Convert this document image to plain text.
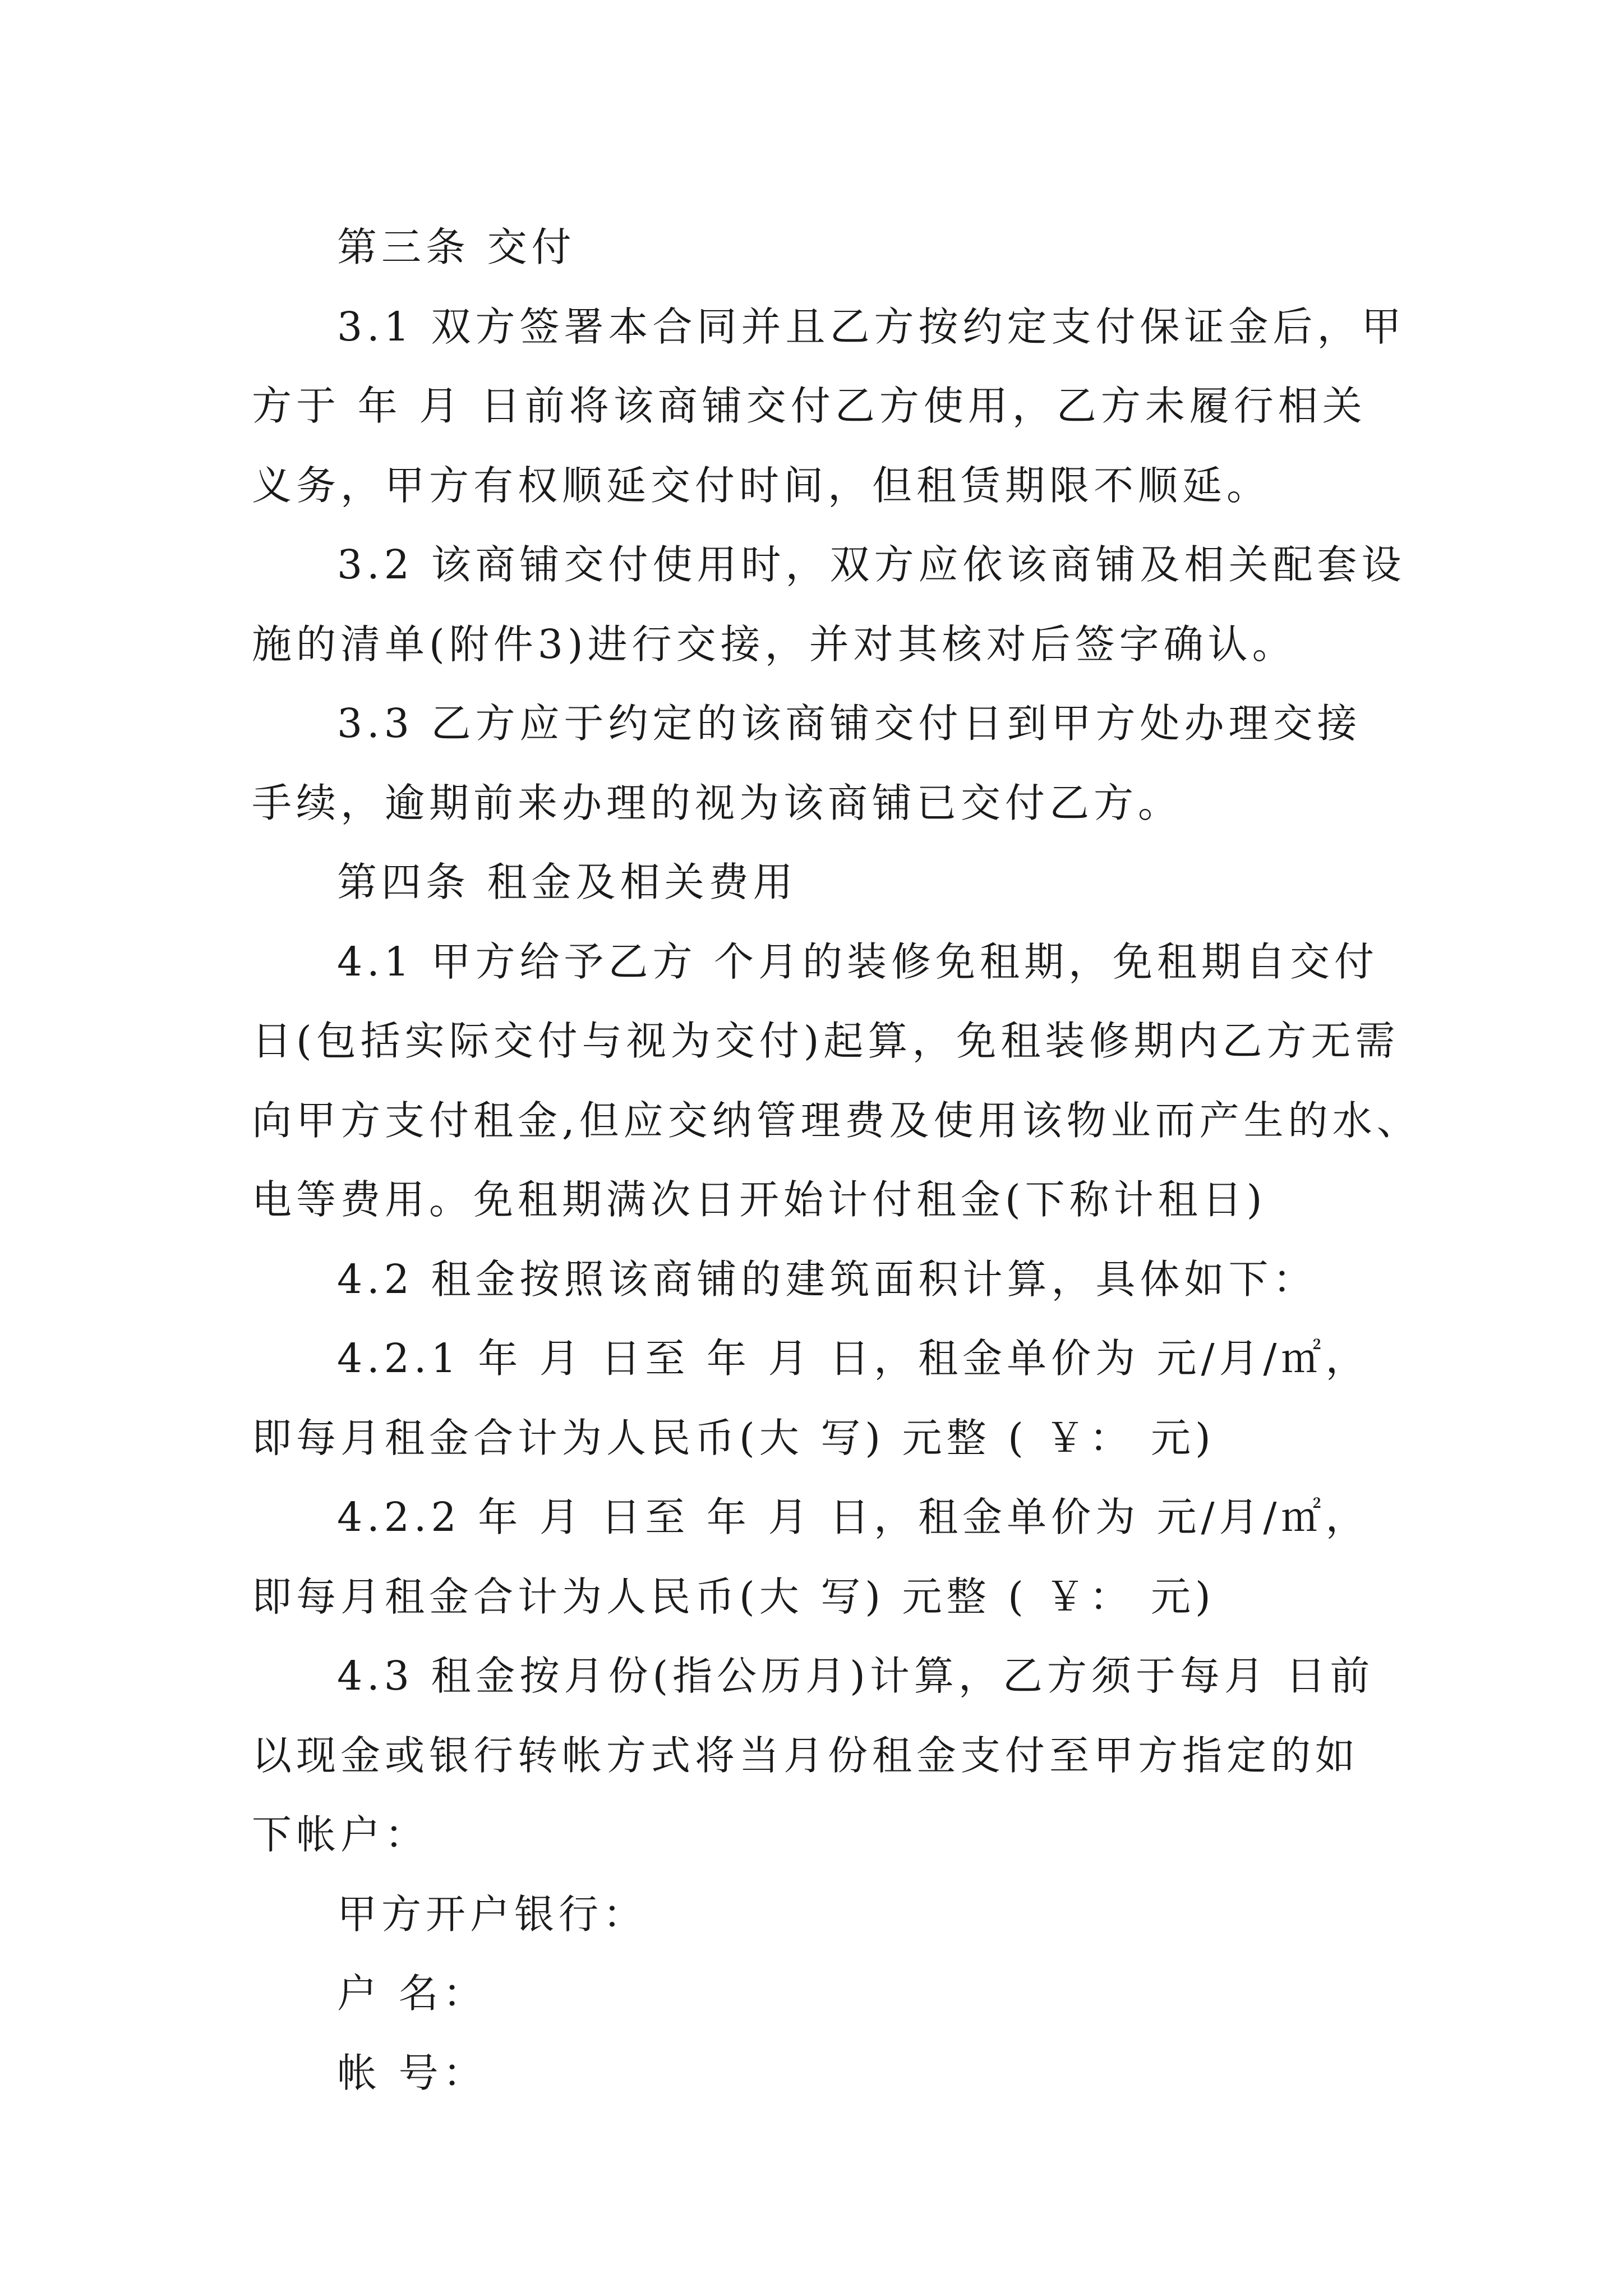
第三条 交付
3.1 双方签署本合同并且乙方按约定支付保证金后，甲
方于 年 月 日前将该商铺交付乙方使用，乙方未履行相关
义务，甲方有权顺延交付时间，但租赁期限不顺延。
3.2 该商铺交付使用时，双方应依该商铺及相关配套设
施的清单(附件3)进行交接，并对其核对后签字确认。
3.3 乙方应于约定的该商铺交付日到甲方处办理交接
手续，逾期前来办理的视为该商铺已交付乙方。
第四条 租金及相关费用
4.1 甲方给予乙方 个月的装修免租期，免租期自交付
日(包括实际交付与视为交付)起算，免租装修期内乙方无需
向甲方支付租金,但应交纳管理费及使用该物业而产生的水、
电等费用。免租期满次日开始计付租金(下称计租日)
4.2 租金按照该商铺的建筑面积计算，具体如下：
4.2.1 年 月 日至 年 月 日，租金单价为 元/月/㎡，
即每月租金合计为人民币(大 写) 元整 ( ￥： 元)
4.2.2 年 月 日至 年 月 日，租金单价为 元/月/㎡，
即每月租金合计为人民币(大 写) 元整 ( ￥： 元)
4.3 租金按月份(指公历月)计算，乙方须于每月 日前
以现金或银行转帐方式将当月份租金支付至甲方指定的如
下帐户：
甲方开户银行：
户 名：
帐 号：
